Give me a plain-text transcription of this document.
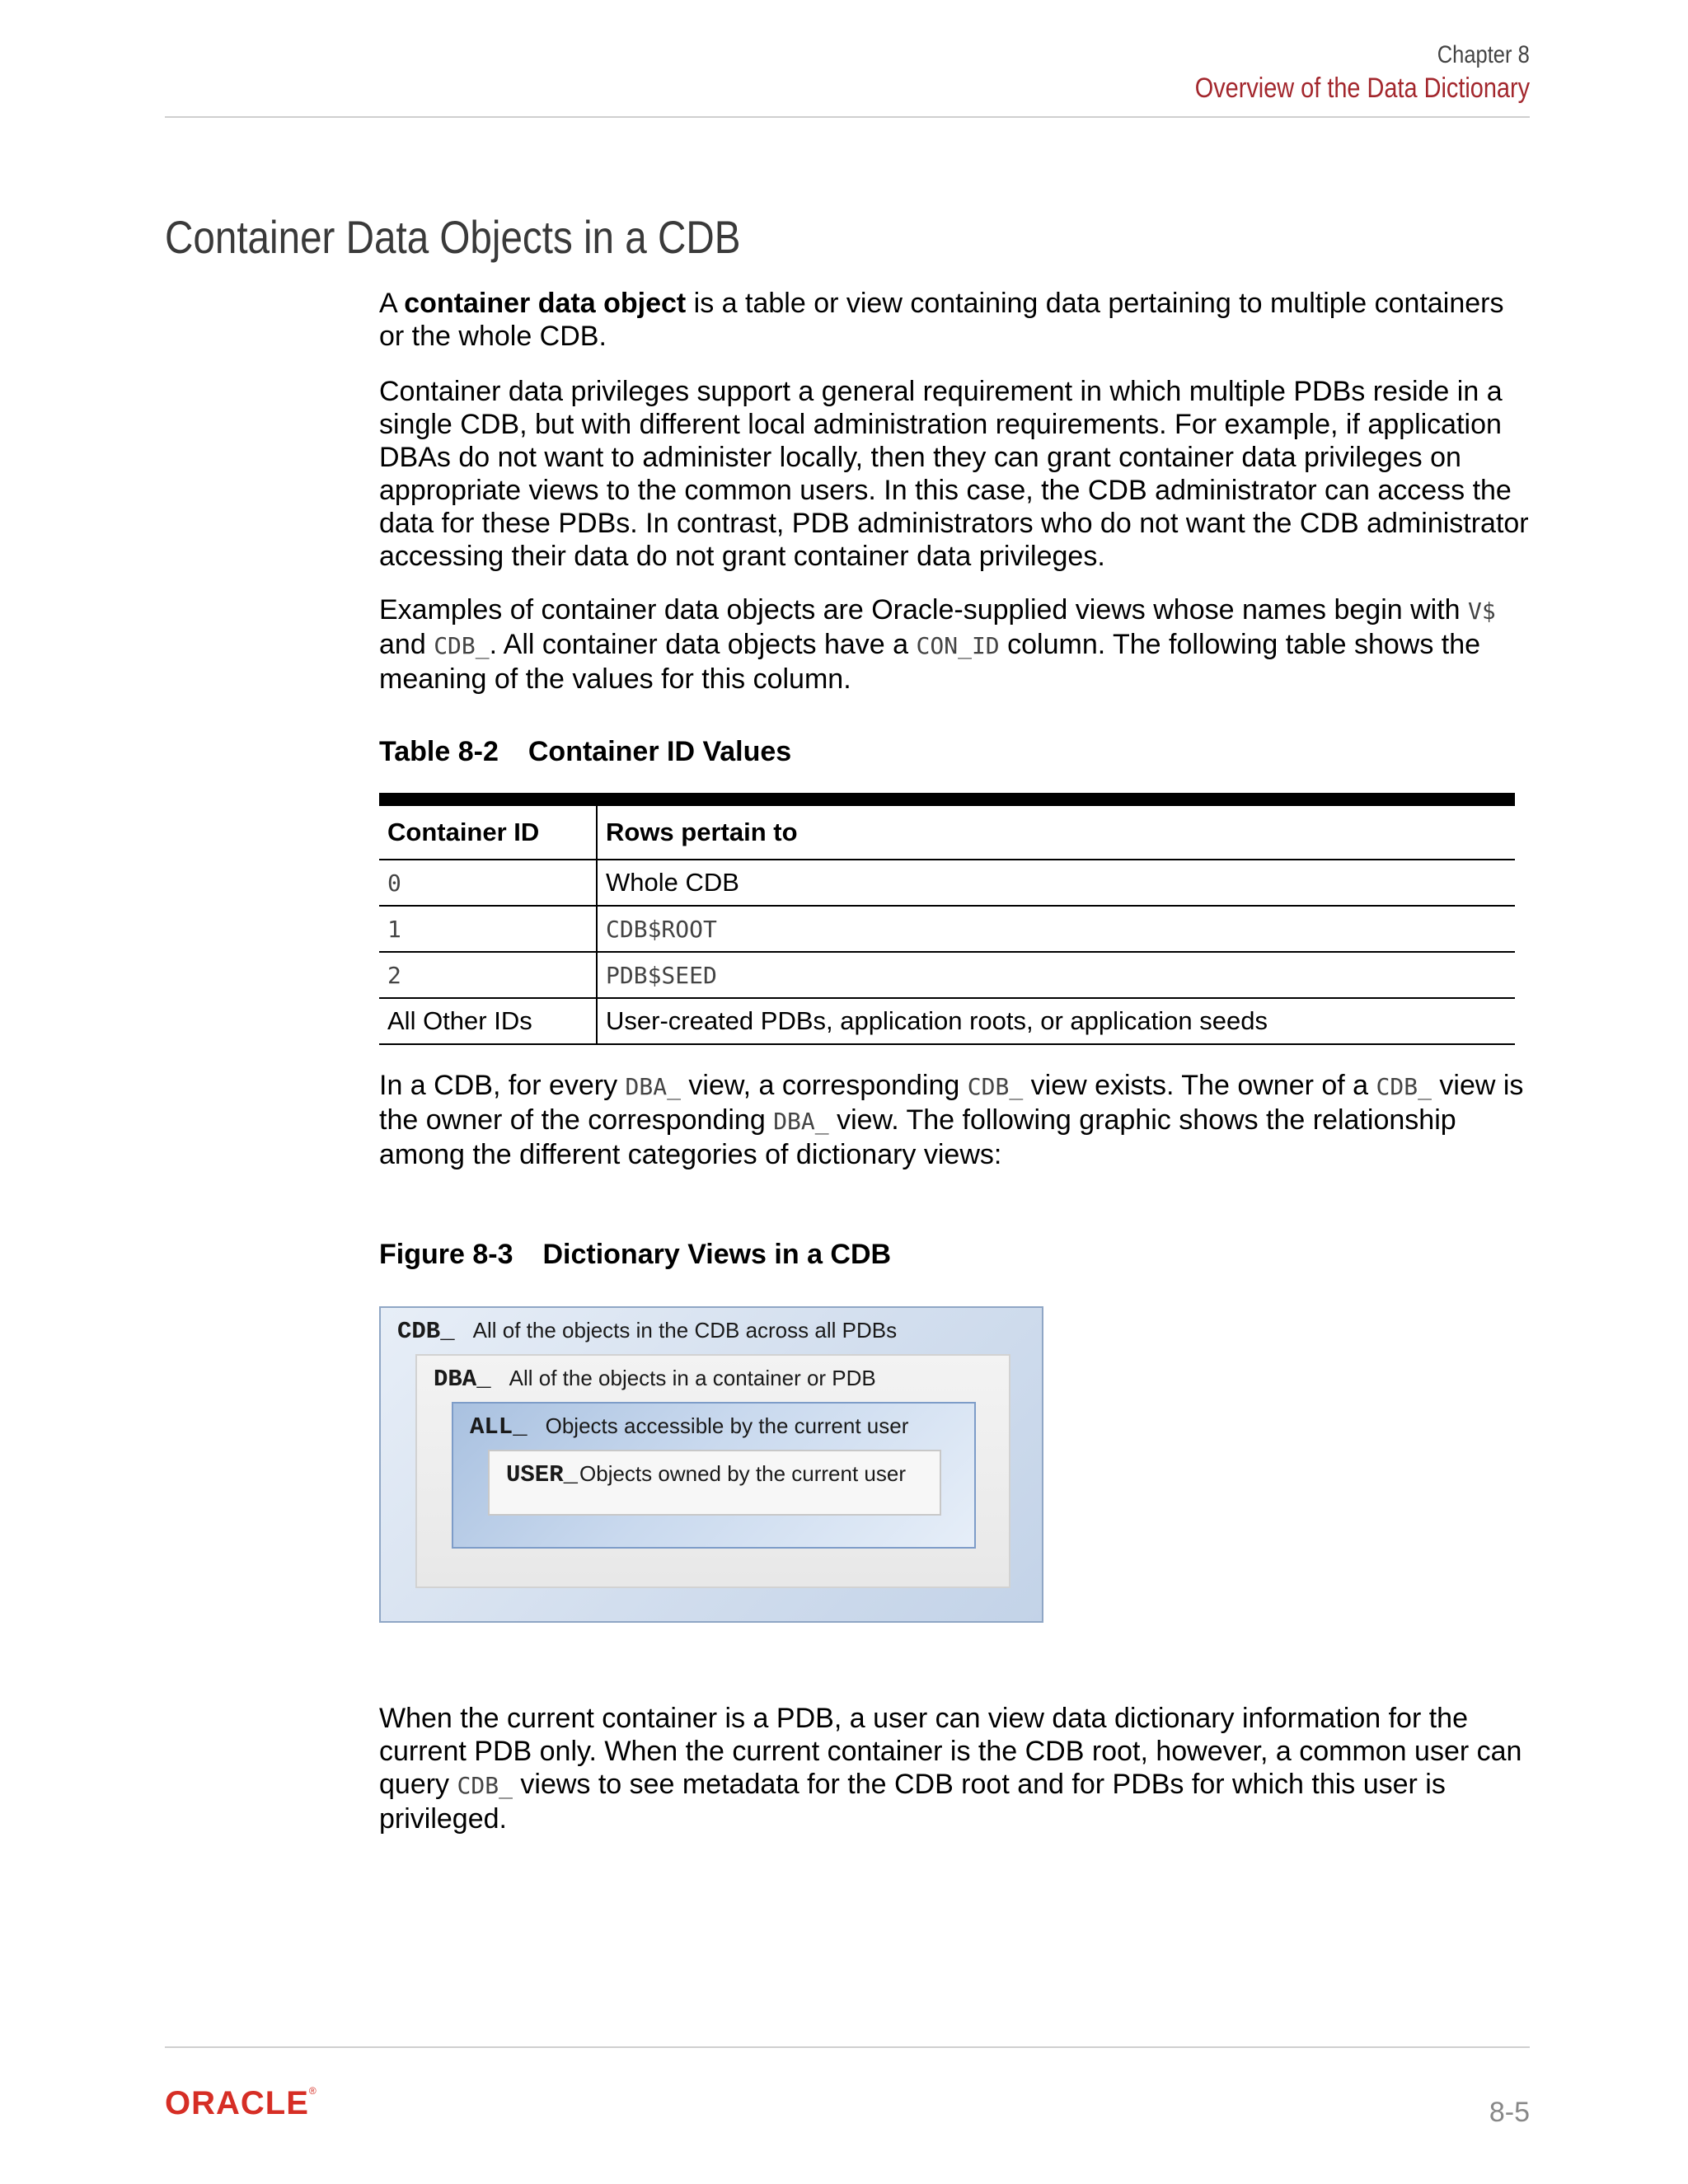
Chapter 8
Overview of the Data Dictionary
Container Data Objects in a CDB

A container data object is a table or view containing data pertaining to multiple containers or the whole CDB.

Container data privileges support a general requirement in which multiple PDBs reside in a single CDB, but with different local administration requirements. For example, if application DBAs do not want to administer locally, then they can grant container data privileges on appropriate views to the common users. In this case, the CDB administrator can access the data for these PDBs. In contrast, PDB administrators who do not want the CDB administrator accessing their data do not grant container data privileges.

Examples of container data objects are Oracle-supplied views whose names begin with V$ and CDB_. All container data objects have a CON_ID column. The following table shows the meaning of the values for this column.

Table 8-2 Container ID Values
Container ID	Rows pertain to
0	Whole CDB
1	CDB$ROOT
2	PDB$SEED
All Other IDs	User-created PDBs, application roots, or application seeds

In a CDB, for every DBA_ view, a corresponding CDB_ view exists. The owner of a CDB_ view is the owner of the corresponding DBA_ view. The following graphic shows the relationship among the different categories of dictionary views:

Figure 8-3 Dictionary Views in a CDB
CDB_ All of the objects in the CDB across all PDBs
DBA_ All of the objects in a container or PDB
ALL_ Objects accessible by the current user
USER_ Objects owned by the current user

When the current container is a PDB, a user can view data dictionary information for the current PDB only. When the current container is the CDB root, however, a common user can query CDB_ views to see metadata for the CDB root and for PDBs for which this user is privileged.

ORACLE®
8-5
